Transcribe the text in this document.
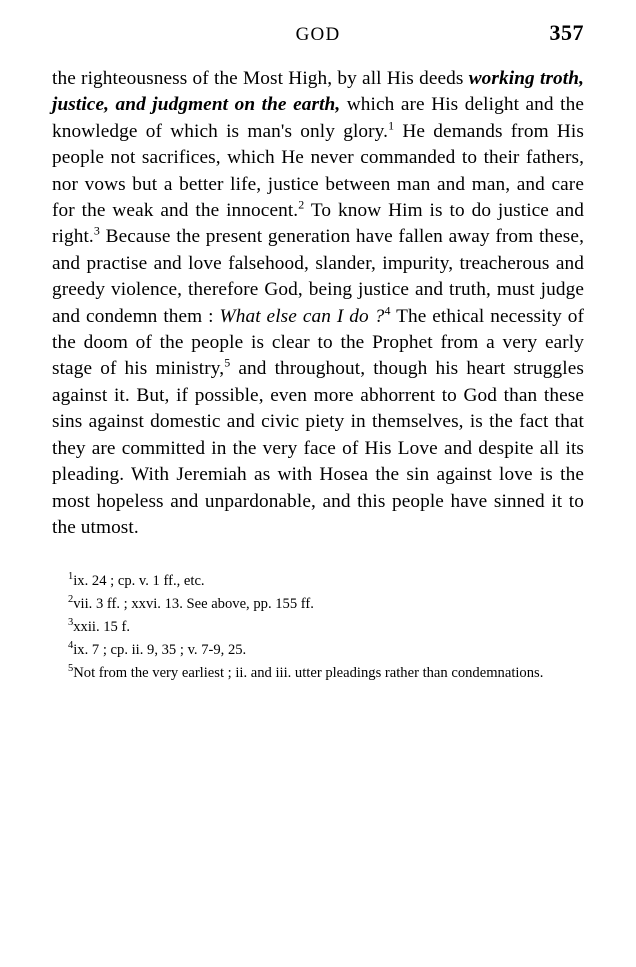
GOD	357

the righteousness of the Most High, by all His deeds working troth, justice, and judgment on the earth, which are His delight and the knowledge of which is man's only glory.$^1$ He demands from His people not sacrifices, which He never commanded to their fathers, nor vows but a better life, justice between man and man, and care for the weak and the innocent.$^2$ To know Him is to do justice and right.$^3$ Because the present generation have fallen away from these, and practise and love falsehood, slander, impurity, treacherous and greedy violence, therefore God, being justice and truth, must judge and condemn them : What else can I do ?$^4$ The ethical necessity of the doom of the people is clear to the Prophet from a very early stage of his ministry,$^5$ and throughout, though his heart struggles against it. But, if possible, even more abhorrent to God than these sins against domestic and civic piety in themselves, is the fact that they are committed in the very face of His Love and despite all its pleading. With Jeremiah as with Hosea the sin against love is the most hopeless and unpardonable, and this people have sinned it to the utmost.

$^1$ix. 24 ; cp. v. 1 ff., etc.
$^2$vii. 3 ff. ; xxvi. 13. See above, pp. 155 ff.
$^3$xxii. 15 f.
$^4$ix. 7 ; cp. ii. 9, 35 ; v. 7-9, 25.
$^5$Not from the very earliest ; ii. and iii. utter pleadings rather than condemnations.
